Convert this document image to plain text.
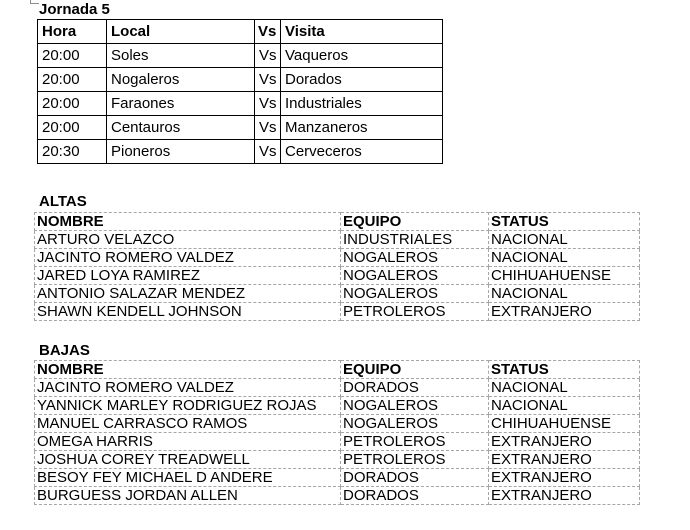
Jornada 5
Hora	Local	Vs	Visita
20:00	Soles	Vs	Vaqueros
20:00	Nogaleros	Vs	Dorados
20:00	Faraones	Vs	Industriales
20:00	Centauros	Vs	Manzaneros
20:30	Pioneros	Vs	Cerveceros
ALTAS
NOMBRE	EQUIPO	STATUS
ARTURO VELAZCO	INDUSTRIALES	NACIONAL
JACINTO ROMERO VALDEZ	NOGALEROS	NACIONAL
JARED LOYA RAMIREZ	NOGALEROS	CHIHUAHUENSE
ANTONIO SALAZAR MENDEZ	NOGALEROS	NACIONAL
SHAWN KENDELL JOHNSON	PETROLEROS	EXTRANJERO
BAJAS
NOMBRE	EQUIPO	STATUS
JACINTO ROMERO VALDEZ	DORADOS	NACIONAL
YANNICK MARLEY RODRIGUEZ ROJAS	NOGALEROS	NACIONAL
MANUEL CARRASCO RAMOS	NOGALEROS	CHIHUAHUENSE
OMEGA HARRIS	PETROLEROS	EXTRANJERO
JOSHUA COREY TREADWELL	PETROLEROS	EXTRANJERO
BESOY FEY MICHAEL D ANDERE	DORADOS	EXTRANJERO
BURGUESS JORDAN ALLEN	DORADOS	EXTRANJERO
